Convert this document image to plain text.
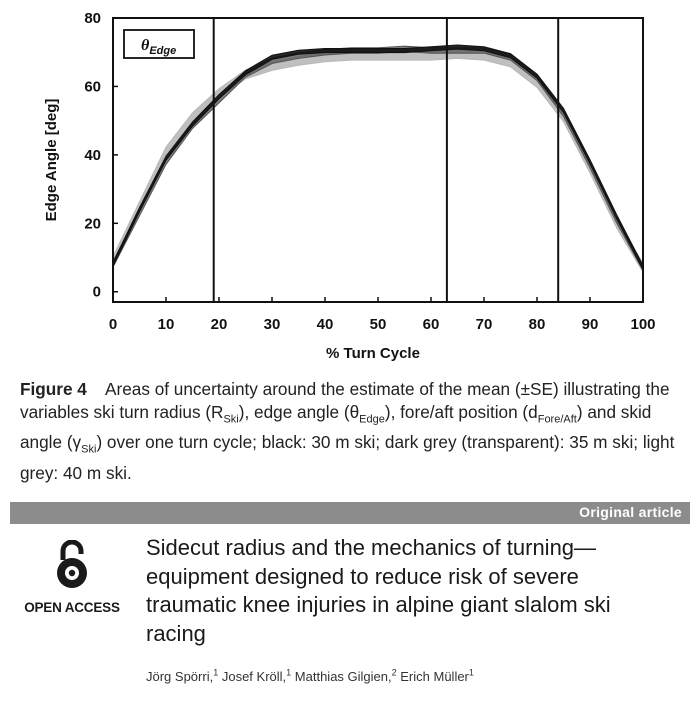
0	10 20 30 40 50 60 70 80 90 100
0
20
40
60
80
% Turn Cycle
Edge Angle [deg]
$\theta_{Edge}$
Figure 4 Areas of uncertainty around the estimate of the mean (±SE) illustrating the variables ski turn radius $(R_{Ski})$, edge angle $(\theta_{Edge})$, fore/aft position $(d_{Fore/Aft})$ and skid angle $(\gamma_{Ski})$ over one turn cycle; black: 30 m ski; dark grey (transparent): 35 m ski; light grey: 40 m ski.
Original article
OPEN ACCESS
Sidecut radius and the mechanics of turning—equipment designed to reduce risk of severe traumatic knee injuries in alpine giant slalom ski racing
Jörg Spörri,$^1$ Josef Kröll,$^1$ Matthias Gilgien,$^2$ Erich Müller$^1$
